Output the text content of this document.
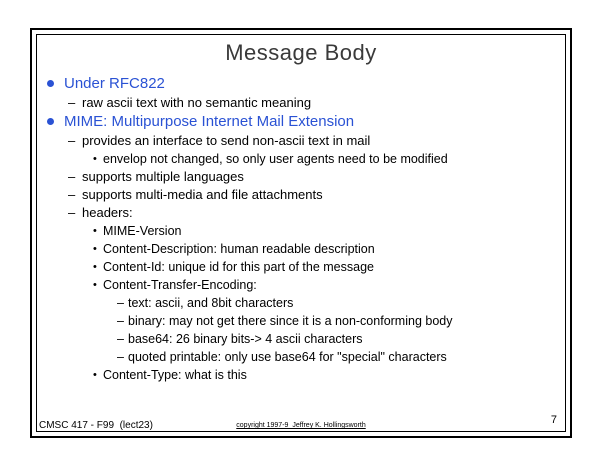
Message Body
Under RFC822
– raw ascii text with no semantic meaning
MIME: Multipurpose Internet Mail Extension
– provides an interface to send non-ascii text in mail
• envelop not changed, so only user agents need to be modified
– supports multiple languages
– supports multi-media and file attachments
– headers:
• MIME-Version
• Content-Description: human readable description
• Content-Id: unique id for this part of the message
• Content-Transfer-Encoding:
– text: ascii, and 8bit characters
– binary: may not get there since it is a non-conforming body
– base64: 26 binary bits-> 4 ascii characters
– quoted printable: only use base64 for "special" characters
• Content-Type: what is this
CMSC 417 - F99  (lect23)	copyright 1997-9  Jeffrey K. Hollingsworth	7
